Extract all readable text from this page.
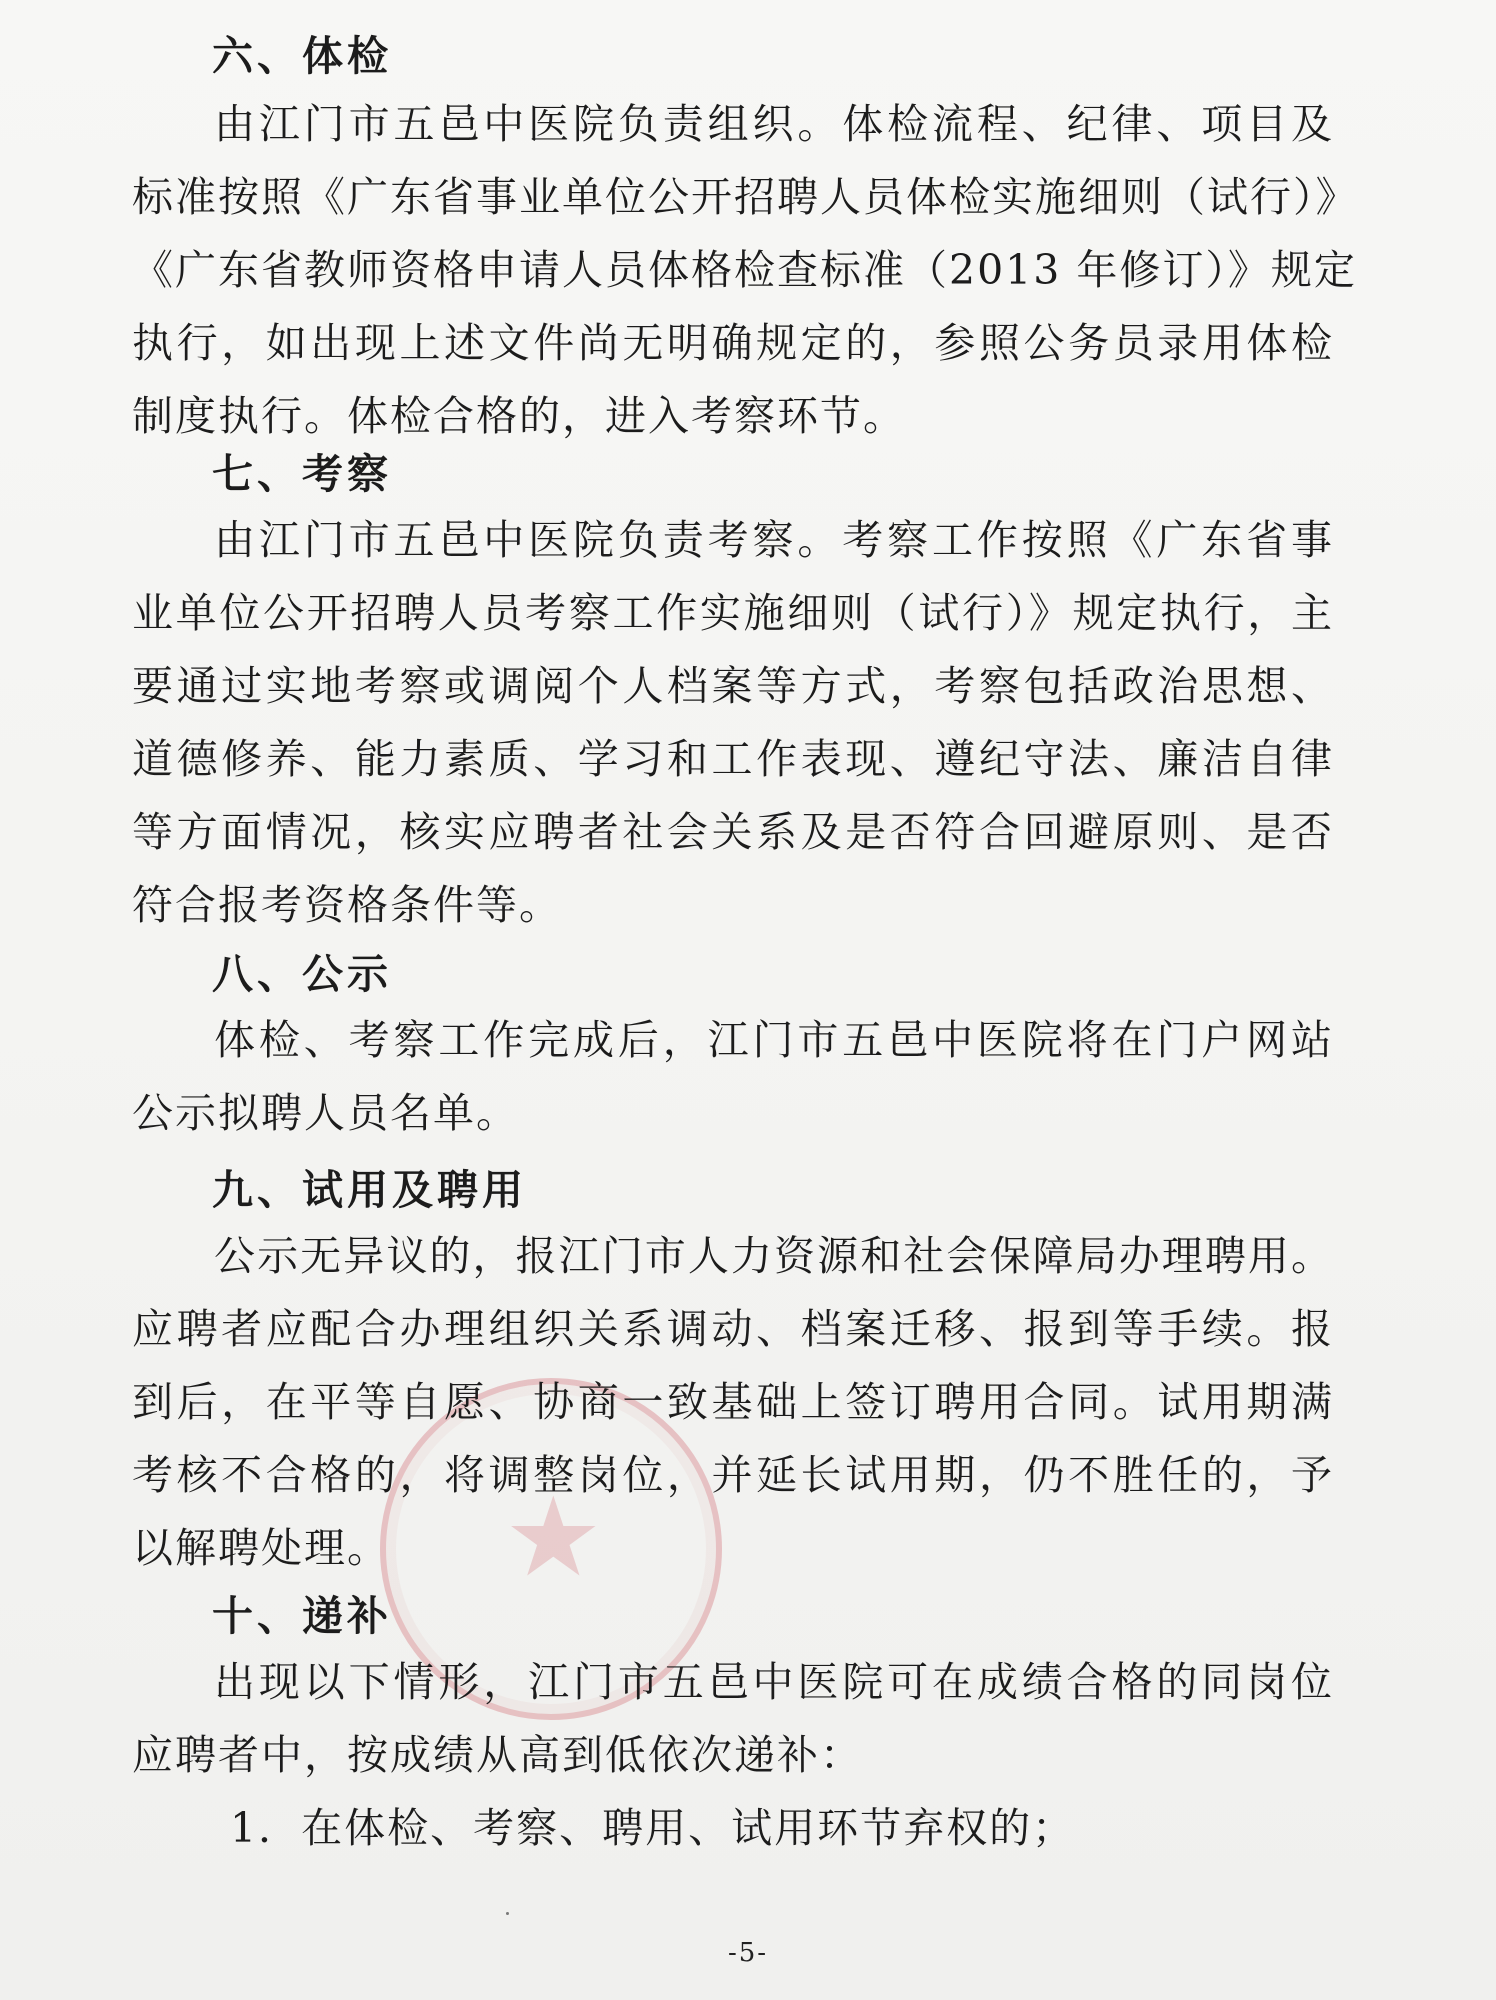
★
六、体检
由江门市五邑中医院负责组织。体检流程、纪律、项目及
标准按照《广东省事业单位公开招聘人员体检实施细则（试行）》
《广东省教师资格申请人员体格检查标准（2013 年修订）》规定
执行，如出现上述文件尚无明确规定的，参照公务员录用体检
制度执行。体检合格的，进入考察环节。
七、考察
由江门市五邑中医院负责考察。考察工作按照《广东省事
业单位公开招聘人员考察工作实施细则（试行）》规定执行，主
要通过实地考察或调阅个人档案等方式，考察包括政治思想、
道德修养、能力素质、学习和工作表现、遵纪守法、廉洁自律
等方面情况，核实应聘者社会关系及是否符合回避原则、是否
符合报考资格条件等。
八、公示
体检、考察工作完成后，江门市五邑中医院将在门户网站
公示拟聘人员名单。
九、试用及聘用
公示无异议的，报江门市人力资源和社会保障局办理聘用。
应聘者应配合办理组织关系调动、档案迁移、报到等手续。报
到后，在平等自愿、协商一致基础上签订聘用合同。试用期满
考核不合格的，将调整岗位，并延长试用期，仍不胜任的，予
以解聘处理。
十、递补
出现以下情形，江门市五邑中医院可在成绩合格的同岗位
应聘者中，按成绩从高到低依次递补：
1．在体检、考察、聘用、试用环节弃权的；
-5-
